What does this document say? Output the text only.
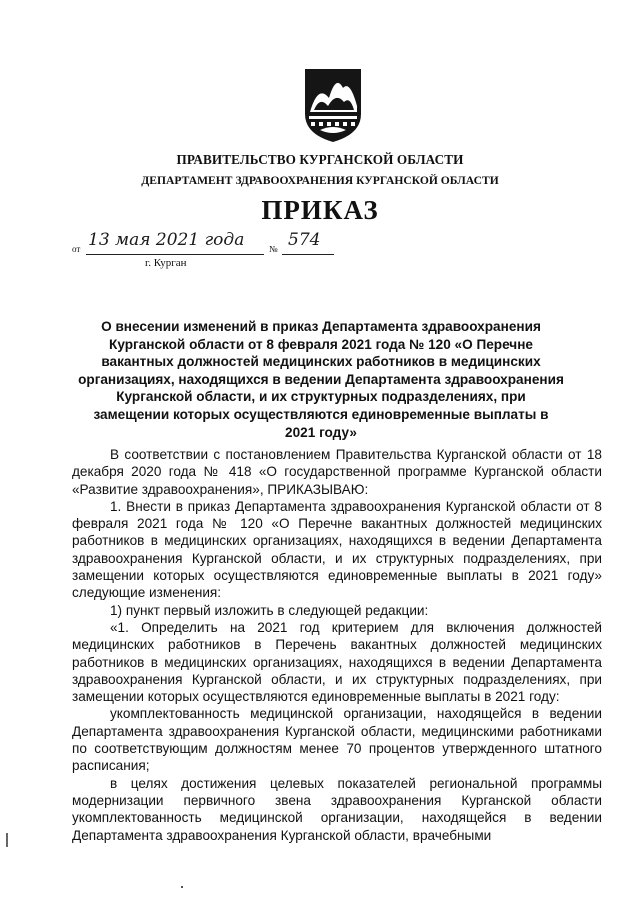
ПРАВИТЕЛЬСТВО КУРГАНСКОЙ ОБЛАСТИ
ДЕПАРТАМЕНТ ЗДРАВООХРАНЕНИЯ КУРГАНСКОЙ ОБЛАСТИ
ПРИКАЗ
от 13 мая 2021 года	№ 574
г. Курган
О внесении изменений в приказ Департамента здравоохранения Курганской области от 8 февраля 2021 года № 120 «О Перечне вакантных должностей медицинских работников в медицинских организациях, находящихся в ведении Департамента здравоохранения Курганской области, и их структурных подразделениях, при замещении которых осуществляются единовременные выплаты в 2021 году»

В соответствии с постановлением Правительства Курганской области от 18 декабря 2020 года № 418 «О государственной программе Курганской области «Развитие здравоохранения», ПРИКАЗЫВАЮ:

1. Внести в приказ Департамента здравоохранения Курганской области от 8 февраля 2021 года № 120 «О Перечне вакантных должностей медицинских работников в медицинских организациях, находящихся в ведении Департамента здравоохранения Курганской области, и их структурных подразделениях, при замещении которых осуществляются единовременные выплаты в 2021 году» следующие изменения:

1) пункт первый изложить в следующей редакции:

«1. Определить на 2021 год критерием для включения должностей медицинских работников в Перечень вакантных должностей медицинских работников в медицинских организациях, находящихся в ведении Департамента здравоохранения Курганской области, и их структурных подразделениях, при замещении которых осуществляются единовременные выплаты в 2021 году:

укомплектованность медицинской организации, находящейся в ведении Департамента здравоохранения Курганской области, медицинскими работниками по соответствующим должностям менее 70 процентов утвержденного штатного расписания;

в целях достижения целевых показателей региональной программы модернизации первичного звена здравоохранения Курганской области укомплектованность медицинской организации, находящейся в ведении Департамента здравоохранения Курганской области, врачебными
